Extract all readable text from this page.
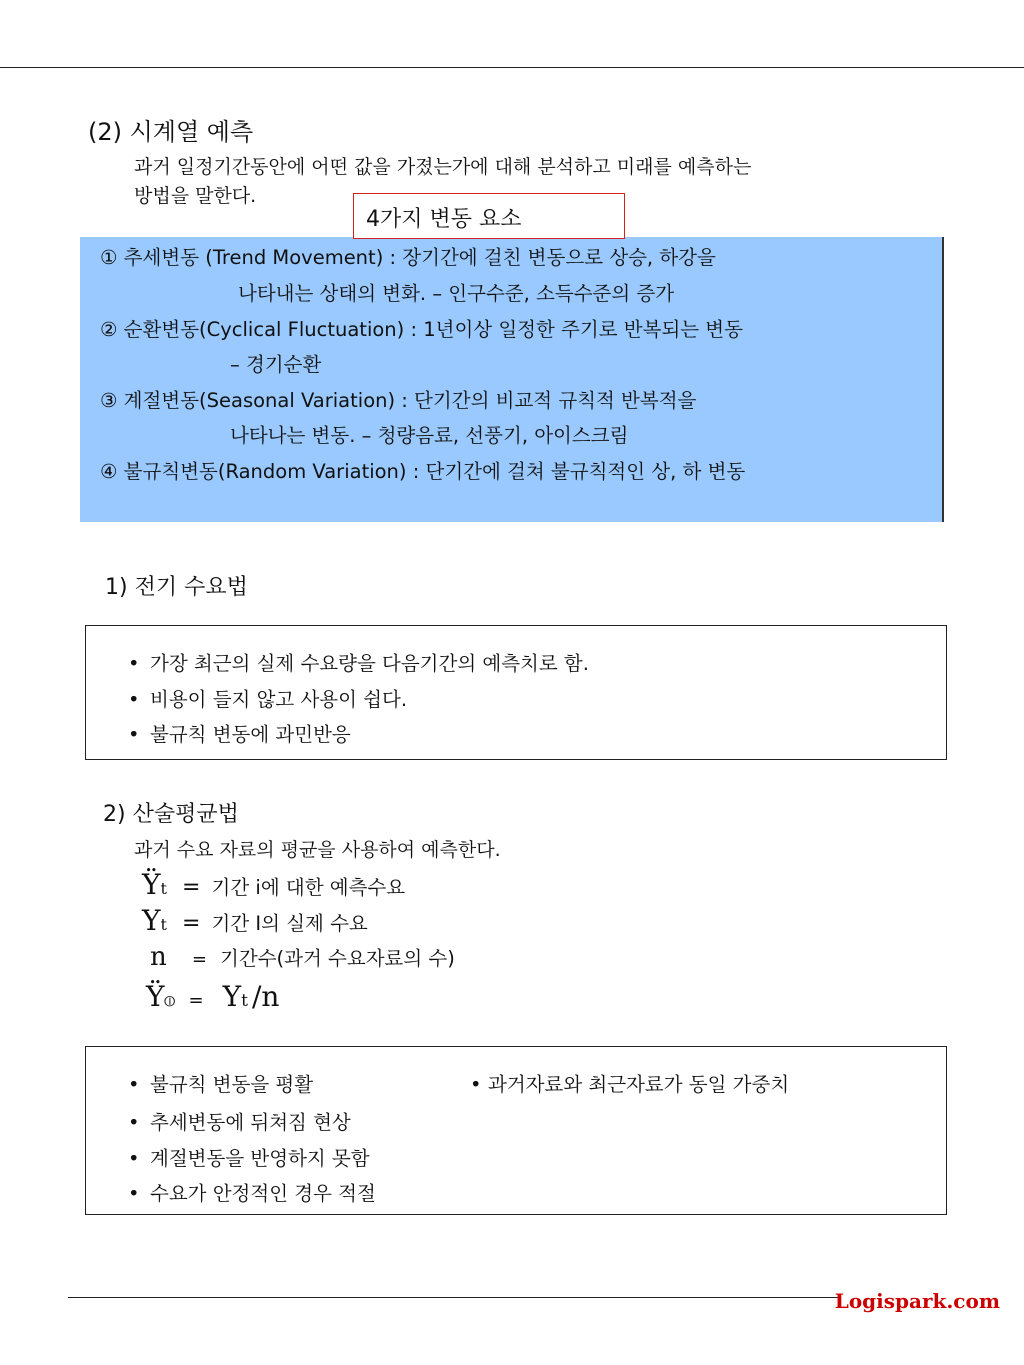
(2) 시계열 예측
과거 일정기간동안에 어떤 값을 가졌는가에 대해 분석하고 미래를 예측하는
방법을 말한다.
① 추세변동 (Trend Movement) : 장기간에 걸친 변동으로 상승, 하강을
나타내는 상태의 변화. – 인구수준, 소득수준의 증가
② 순환변동(Cyclical Fluctuation) : 1년이상 일정한 주기로 반복되는 변동
– 경기순환
③ 계절변동(Seasonal Variation) : 단기간의 비교적 규칙적 반복적을
나타나는 변동. – 청량음료, 선풍기, 아이스크림
④ 불규칙변동(Random Variation) : 단기간에 걸쳐 불규칙적인 상, 하 변동
4가지 변동 요소
1) 전기 수요법
• 가장 최근의 실제 수요량을 다음기간의 예측치로 함.
• 비용이 들지 않고 사용이 쉽다.
• 불규칙 변동에 과민반응
2) 산술평균법
과거 수요 자료의 평균을 사용하여 예측한다.
Ÿt = 기간 i에 대한 예측수요
Yt = 기간 I의 실제 수요
n = 기간수(과거 수요자료의 수)
Ÿ⦶ = Yt /n
• 불규칙 변동을 평활	• 과거자료와 최근자료가 동일 가중치
• 추세변동에 뒤쳐짐 현상
• 계절변동을 반영하지 못함
• 수요가 안정적인 경우 적절
Logispark.com
